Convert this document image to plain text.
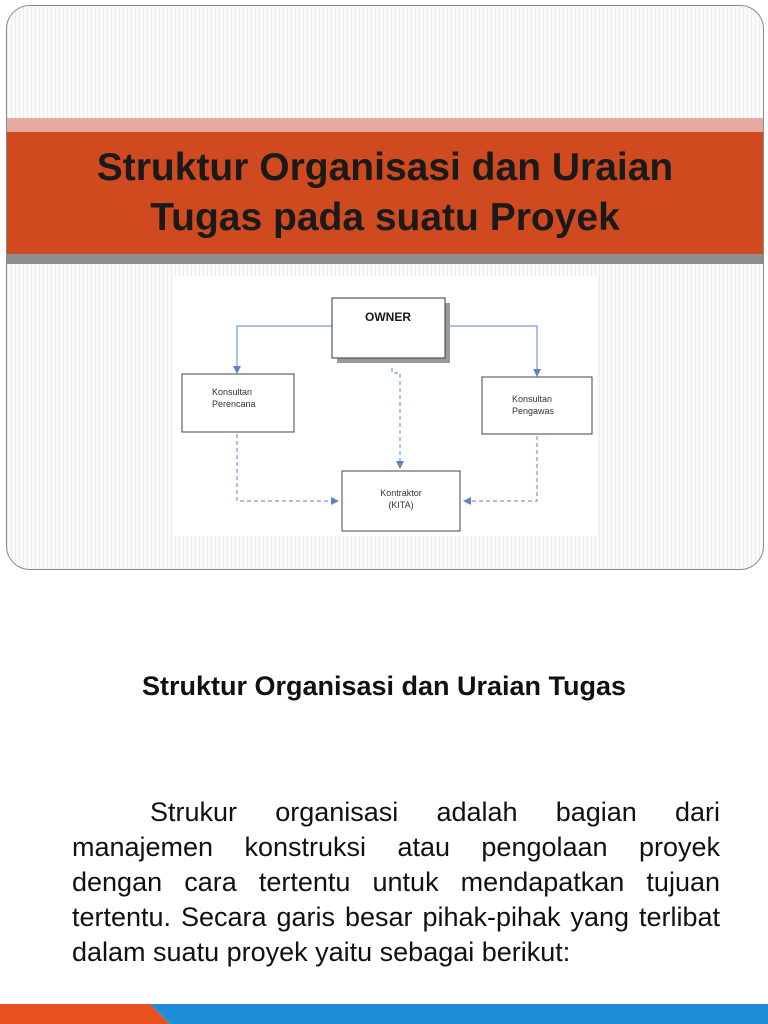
Struktur Organisasi dan Uraian Tugas pada suatu Proyek
OWNER
Konsultan
Perencana	Konsultan
Pengawas
Kontraktor
(KITA)
Struktur Organisasi dan Uraian Tugas

Strukur organisasi adalah bagian dari manajemen konstruksi atau pengolaan proyek dengan cara tertentu untuk mendapatkan tujuan tertentu. Secara garis besar pihak-pihak yang terlibat dalam suatu proyek yaitu sebagai berikut:
